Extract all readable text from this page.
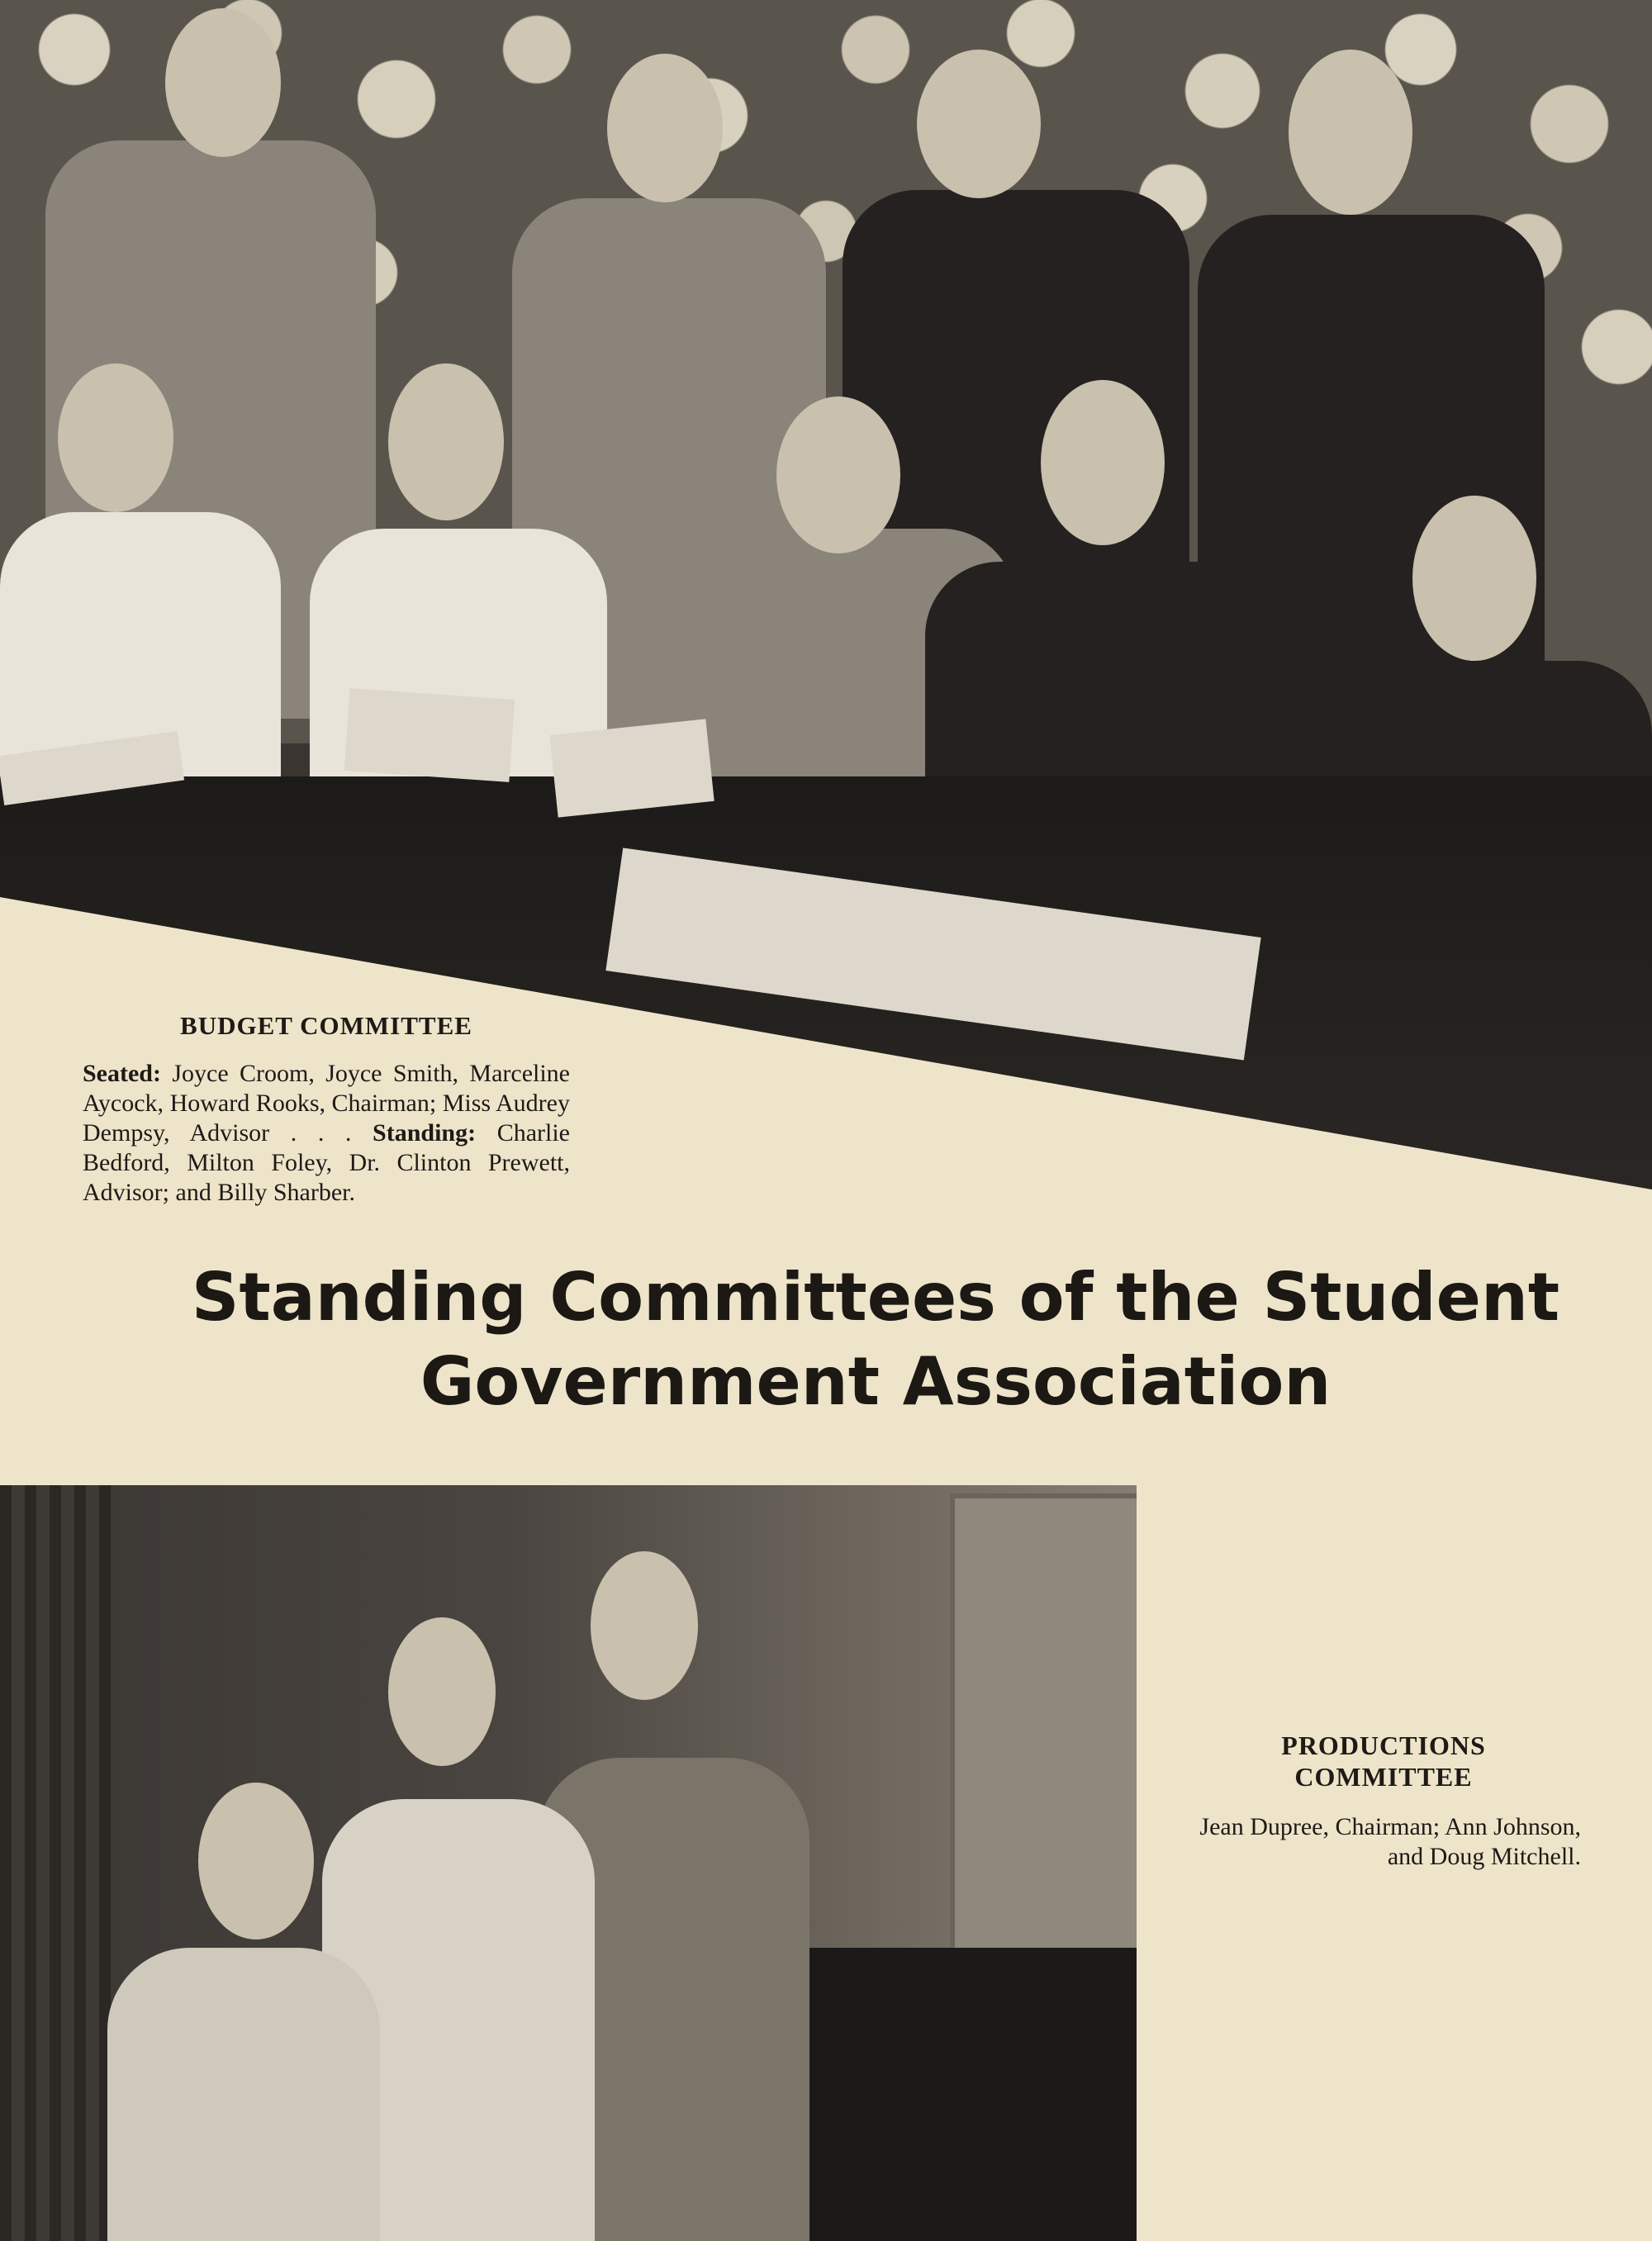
BUDGET COMMITTEE

Seated: Joyce Croom, Joyce Smith, Marceline Aycock, Howard Rooks, Chairman; Miss Audrey Dempsy, Advisor . . . Standing: Charlie Bedford, Milton Foley, Dr. Clinton Prewett, Advisor; and Billy Sharber.

Standing Committees of the Student
Government Association

PRODUCTIONS
COMMITTEE

Jean Dupree, Chairman; Ann Johnson, and Doug Mitchell.
